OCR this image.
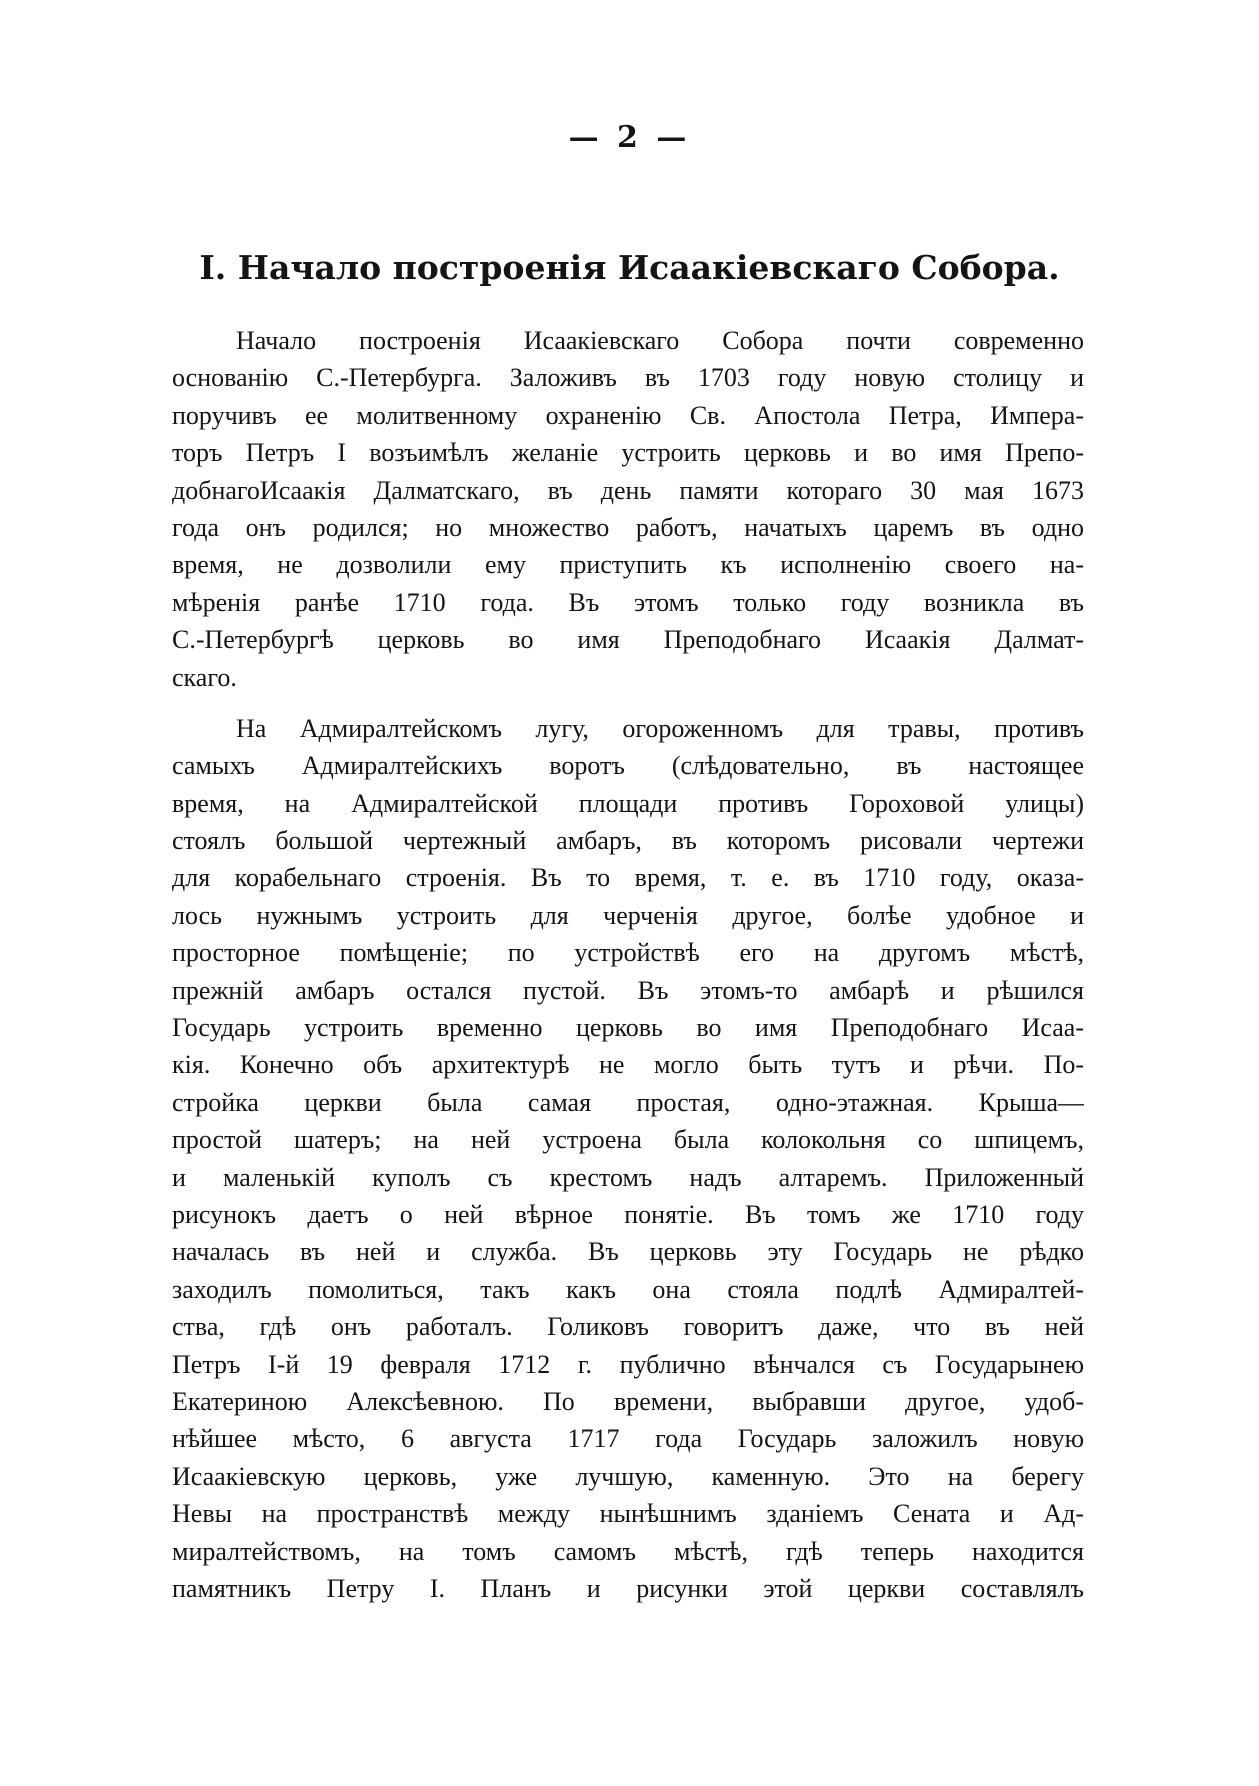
— 2 —
I. Начало построенія Исаакіевскаго Собора.
Начало построенія Исаакіевскаго Собора почти современно
основанію С.-Петербурга. Заложивъ въ 1703 году новую столицу и
поручивъ ее молитвенному охраненію Св. Апостола Петра, Импера-
торъ Петръ I возъимѣлъ желаніе устроить церковь и во имя Препо-
добнагоИсаакія Далматскаго, въ день памяти котораго 30 мая 1673
года онъ родился; но множество работъ, начатыхъ царемъ въ одно
время, не дозволили ему приступить къ исполненію своего на-
мѣренія ранѣе 1710 года. Въ этомъ только году возникла въ
С.-Петербургѣ церковь во имя Преподобнаго Исаакія Далмат-
скаго.
На Адмиралтейскомъ лугу, огороженномъ для травы, противъ
самыхъ Адмиралтейскихъ воротъ (слѣдовательно, въ настоящее
время, на Адмиралтейской площади противъ Гороховой улицы)
стоялъ большой чертежный амбаръ, въ которомъ рисовали чертежи
для корабельнаго строенія. Въ то время, т. е. въ 1710 году, оказа-
лось нужнымъ устроить для черченія другое, болѣе удобное и
просторное помѣщеніе; по устройствѣ его на другомъ мѣстѣ,
прежній амбаръ остался пустой. Въ этомъ-то амбарѣ и рѣшился
Государь устроить временно церковь во имя Преподобнаго Исаа-
кія. Конечно объ архитектурѣ не могло быть тутъ и рѣчи. По-
стройка церкви была самая простая, одно-этажная. Крыша—
простой шатеръ; на ней устроена была колокольня со шпицемъ,
и маленькій куполъ съ крестомъ надъ алтаремъ. Приложенный
рисунокъ даетъ о ней вѣрное понятіе. Въ томъ же 1710 году
началась въ ней и служба. Въ церковь эту Государь не рѣдко
заходилъ помолиться, такъ какъ она стояла подлѣ Адмиралтей-
ства, гдѣ онъ работалъ. Голиковъ говоритъ даже, что въ ней
Петръ I-й 19 февраля 1712 г. публично вѣнчался съ Государынею
Екатериною Алексѣевною. По времени, выбравши другое, удоб-
нѣйшее мѣсто, 6 августа 1717 года Государь заложилъ новую
Исаакіевскую церковь, уже лучшую, каменную. Это на берегу
Невы на пространствѣ между нынѣшнимъ зданіемъ Сената и Ад-
миралтействомъ, на томъ самомъ мѣстѣ, гдѣ теперь находится
памятникъ Петру I. Планъ и рисунки этой церкви составлялъ
